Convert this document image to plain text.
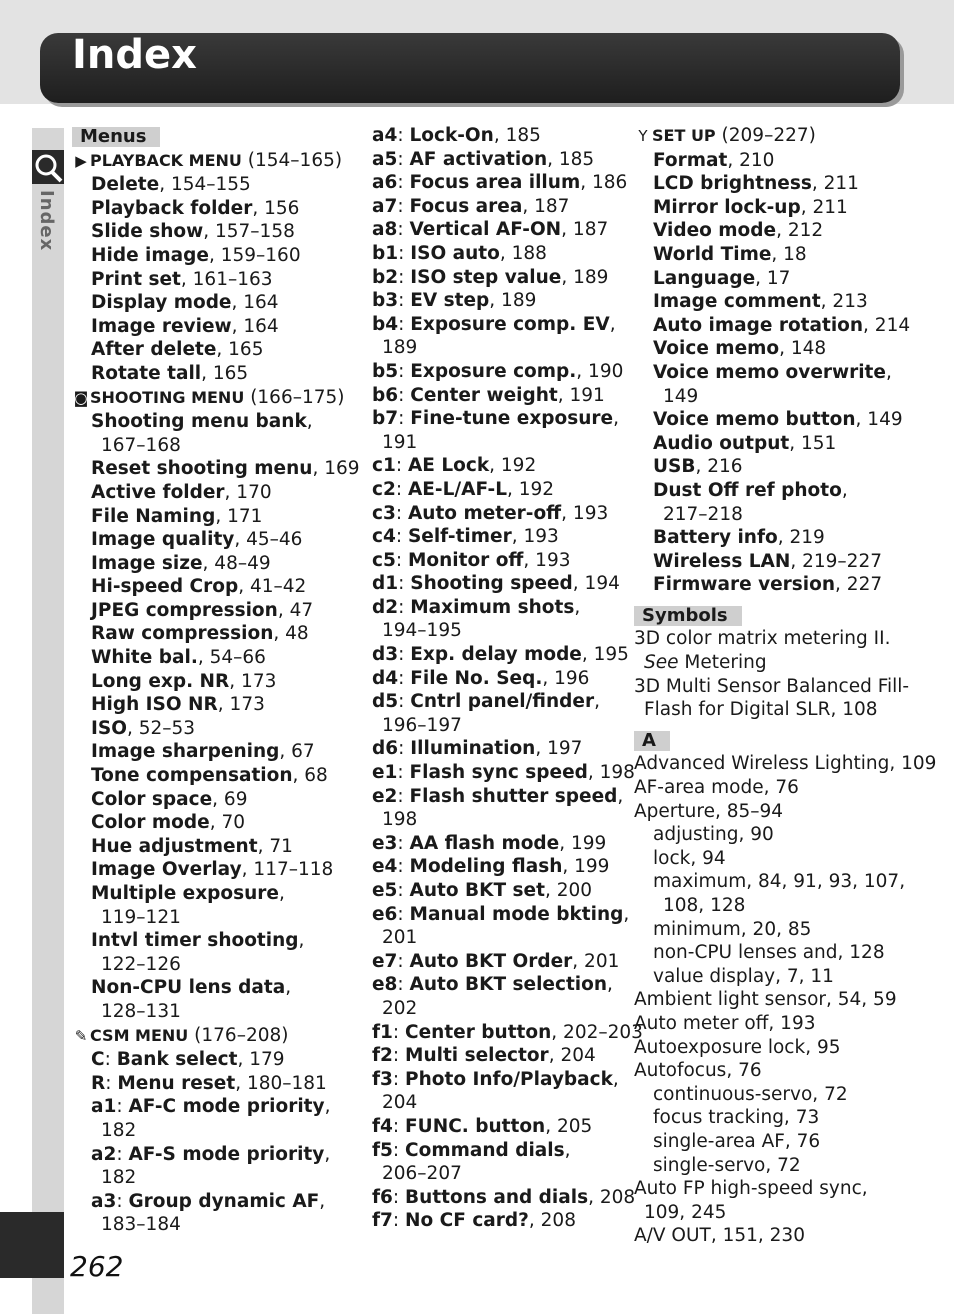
Index
Index
Menus
▶ PLAYBACK MENU (154–165)
Delete, 154–155
Playback folder, 156
Slide show, 157–158
Hide image, 159–160
Print set, 161–163
Display mode, 164
Image review, 164
After delete, 165
Rotate tall, 165
◙ SHOOTING MENU (166–175)
Shooting menu bank,
167–168
Reset shooting menu, 169
Active folder, 170
File Naming, 171
Image quality, 45–46
Image size, 48–49
Hi-speed Crop, 41–42
JPEG compression, 47
Raw compression, 48
White bal., 54–66
Long exp. NR, 173
High ISO NR, 173
ISO, 52–53
Image sharpening, 67
Tone compensation, 68
Color space, 69
Color mode, 70
Hue adjustment, 71
Image Overlay, 117–118
Multiple exposure,
119–121
Intvl timer shooting,
122–126
Non-CPU lens data,
128–131
✎ CSM MENU (176–208)
C: Bank select, 179
R: Menu reset, 180–181
a1: AF-C mode priority,
182
a2: AF-S mode priority,
182
a3: Group dynamic AF,
183–184
a4: Lock-On, 185
a5: AF activation, 185
a6: Focus area illum, 186
a7: Focus area, 187
a8: Vertical AF-ON, 187
b1: ISO auto, 188
b2: ISO step value, 189
b3: EV step, 189
b4: Exposure comp. EV,
189
b5: Exposure comp., 190
b6: Center weight, 191
b7: Fine-tune exposure,
191
c1: AE Lock, 192
c2: AE-L/AF-L, 192
c3: Auto meter-off, 193
c4: Self-timer, 193
c5: Monitor off, 193
d1: Shooting speed, 194
d2: Maximum shots,
194–195
d3: Exp. delay mode, 195
d4: File No. Seq., 196
d5: Cntrl panel/finder,
196–197
d6: Illumination, 197
e1: Flash sync speed, 198
e2: Flash shutter speed,
198
e3: AA flash mode, 199
e4: Modeling flash, 199
e5: Auto BKT set, 200
e6: Manual mode bkting,
201
e7: Auto BKT Order, 201
e8: Auto BKT selection,
202
f1: Center button, 202–203
f2: Multi selector, 204
f3: Photo Info/Playback,
204
f4: FUNC. button, 205
f5: Command dials,
206–207
f6: Buttons and dials, 208
f7: No CF card?, 208
Y SET UP (209–227)
Format, 210
LCD brightness, 211
Mirror lock-up, 211
Video mode, 212
World Time, 18
Language, 17
Image comment, 213
Auto image rotation, 214
Voice memo, 148
Voice memo overwrite,
149
Voice memo button, 149
Audio output, 151
USB, 216
Dust Off ref photo,
217–218
Battery info, 219
Wireless LAN, 219–227
Firmware version, 227
Symbols
3D color matrix metering II.
See Metering
3D Multi Sensor Balanced Fill-
Flash for Digital SLR, 108
A
Advanced Wireless Lighting, 109
AF-area mode, 76
Aperture, 85–94
adjusting, 90
lock, 94
maximum, 84, 91, 93, 107,
108, 128
minimum, 20, 85
non-CPU lenses and, 128
value display, 7, 11
Ambient light sensor, 54, 59
Auto meter off, 193
Autoexposure lock, 95
Autofocus, 76
continuous-servo, 72
focus tracking, 73
single-area AF, 76
single-servo, 72
Auto FP high-speed sync,
109, 245
A/V OUT, 151, 230
262
